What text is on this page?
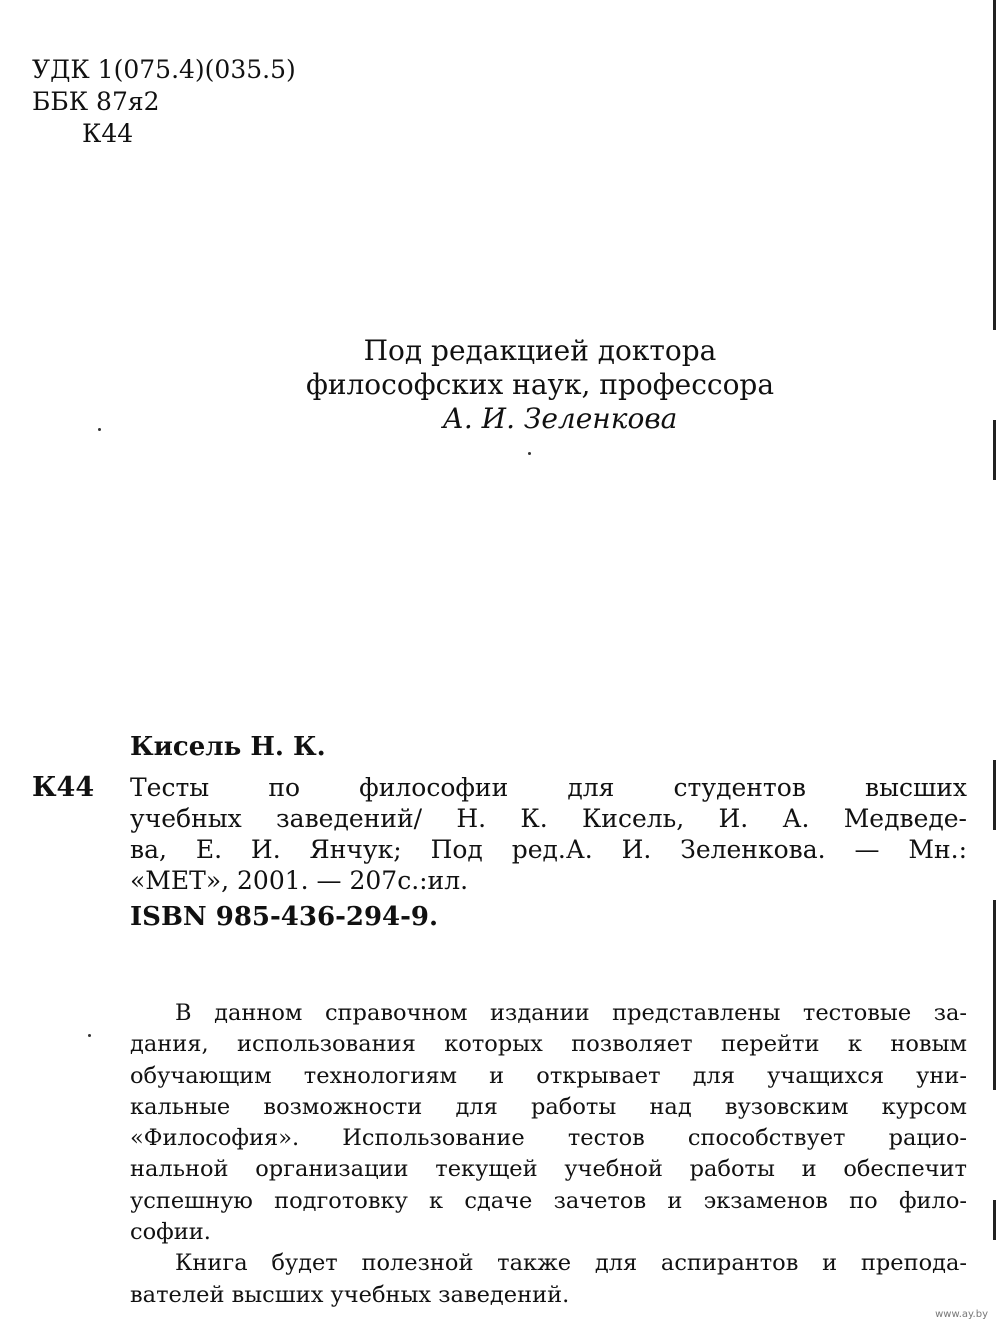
УДК 1(075.4)(035.5)
ББК 87я2
К44
Под редакцией доктора
философских наук, профессора
А. И. Зеленкова
Кисель Н. К.
К44 Тесты по философии для студентов высших
учебных заведений/ Н. К. Кисель, И. А. Медведе-
ва, Е. И. Янчук; Под ред.А. И. Зеленкова. — Мн.:
«МЕТ», 2001. — 207с.:ил.
ISBN 985-436-294-9.
В данном справочном издании представлены тестовые за-
дания, использования которых позволяет перейти к новым
обучающим технологиям и открывает для учащихся уни-
кальные возможности для работы над вузовским курсом
«Философия». Использование тестов способствует рацио-
нальной организации текущей учебной работы и обеспечит
успешную подготовку к сдаче зачетов и экзаменов по фило-
софии.
Книга будет полезной также для аспирантов и препода-
вателей высших учебных заведений.
www.ay.by
